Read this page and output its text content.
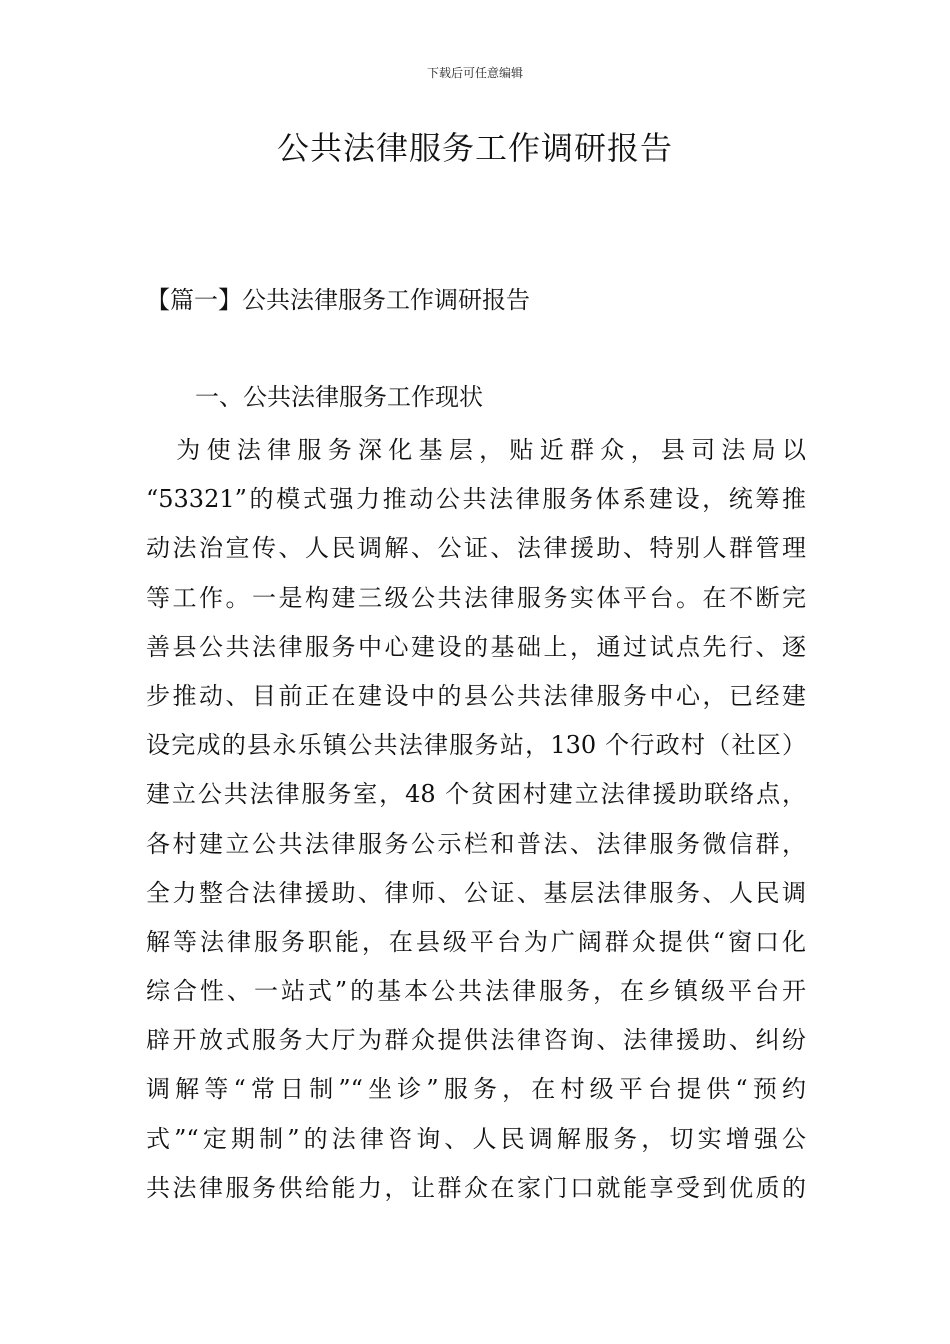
下载后可任意编辑
公共法律服务工作调研报告
【篇一】公共法律服务工作调研报告
一、公共法律服务工作现状
　为使法律服务深化基层，贴近群众，县司法局以
“53321”的模式强力推动公共法律服务体系建设，统筹推
动法治宣传、人民调解、公证、法律援助、特别人群管理
等工作。一是构建三级公共法律服务实体平台。在不断完
善县公共法律服务中心建设的基础上，通过试点先行、逐
步推动、目前正在建设中的县公共法律服务中心，已经建
设完成的县永乐镇公共法律服务站，130 个行政村（社区）
建立公共法律服务室，48 个贫困村建立法律援助联络点，
各村建立公共法律服务公示栏和普法、法律服务微信群，
全力整合法律援助、律师、公证、基层法律服务、人民调
解等法律服务职能，在县级平台为广阔群众提供“窗口化
综合性、一站式”的基本公共法律服务，在乡镇级平台开
辟开放式服务大厅为群众提供法律咨询、法律援助、纠纷
调解等“常日制”“坐诊”服务，在村级平台提供“预约
式”“定期制”的法律咨询、人民调解服务，切实增强公
共法律服务供给能力，让群众在家门口就能享受到优质的
